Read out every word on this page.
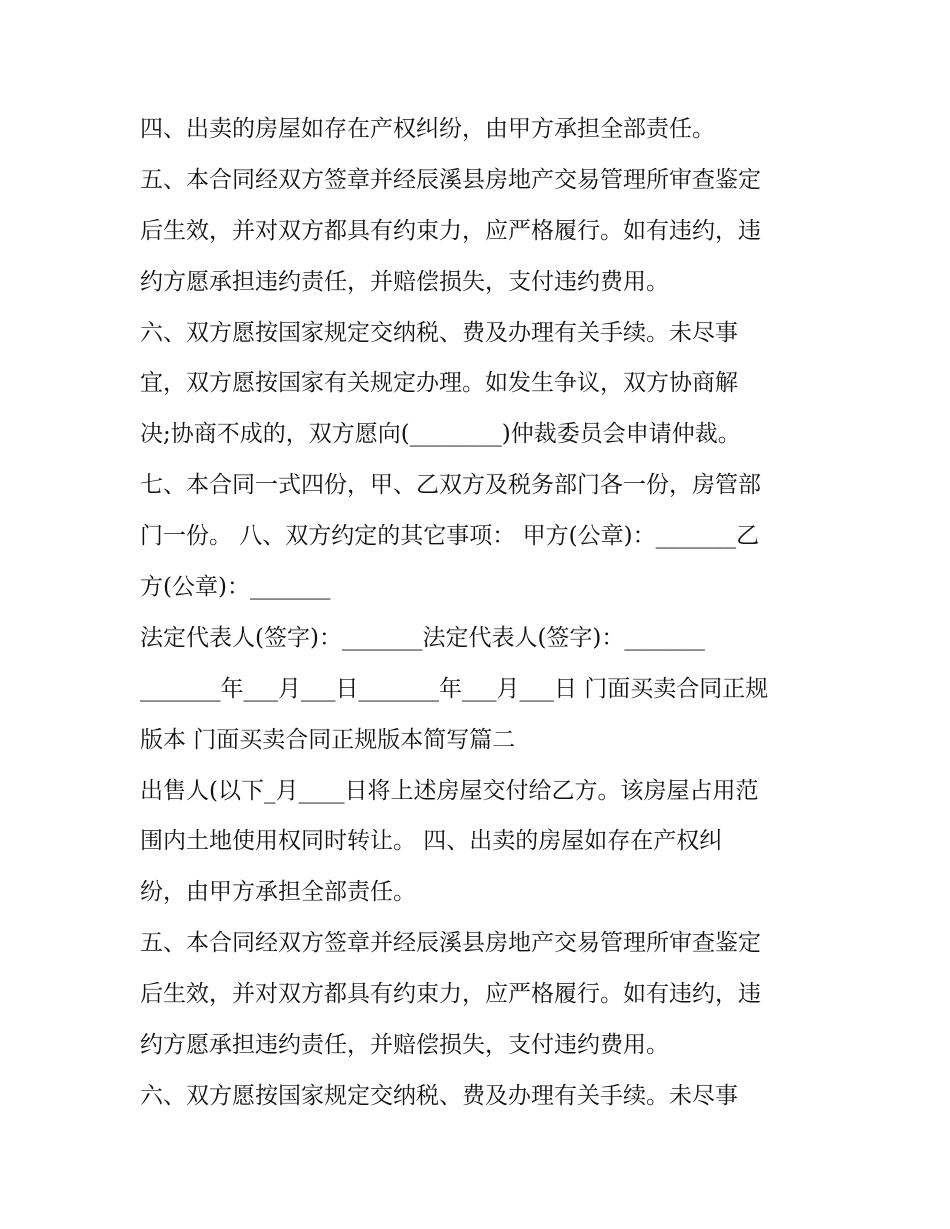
四、出卖的房屋如存在产权纠纷，由甲方承担全部责任。
五、本合同经双方签章并经辰溪县房地产交易管理所审查鉴定
后生效，并对双方都具有约束力，应严格履行。如有违约，违
约方愿承担违约责任，并赔偿损失，支付违约费用。
六、双方愿按国家规定交纳税、费及办理有关手续。未尽事
宜，双方愿按国家有关规定办理。如发生争议，双方协商解
决;协商不成的，双方愿向(________)仲裁委员会申请仲裁。
七、本合同一式四份，甲、乙双方及税务部门各一份，房管部
门一份。 八、双方约定的其它事项： 甲方(公章)：_______乙
方(公章)：_______
法定代表人(签字)：_______法定代表人(签字)：_______
_______年___月___日_______年___月___日 门面买卖合同正规
版本 门面买卖合同正规版本简写篇二
出售人(以下_月____日将上述房屋交付给乙方。该房屋占用范
围内土地使用权同时转让。 四、出卖的房屋如存在产权纠
纷，由甲方承担全部责任。
五、本合同经双方签章并经辰溪县房地产交易管理所审查鉴定
后生效，并对双方都具有约束力，应严格履行。如有违约，违
约方愿承担违约责任，并赔偿损失，支付违约费用。
六、双方愿按国家规定交纳税、费及办理有关手续。未尽事
